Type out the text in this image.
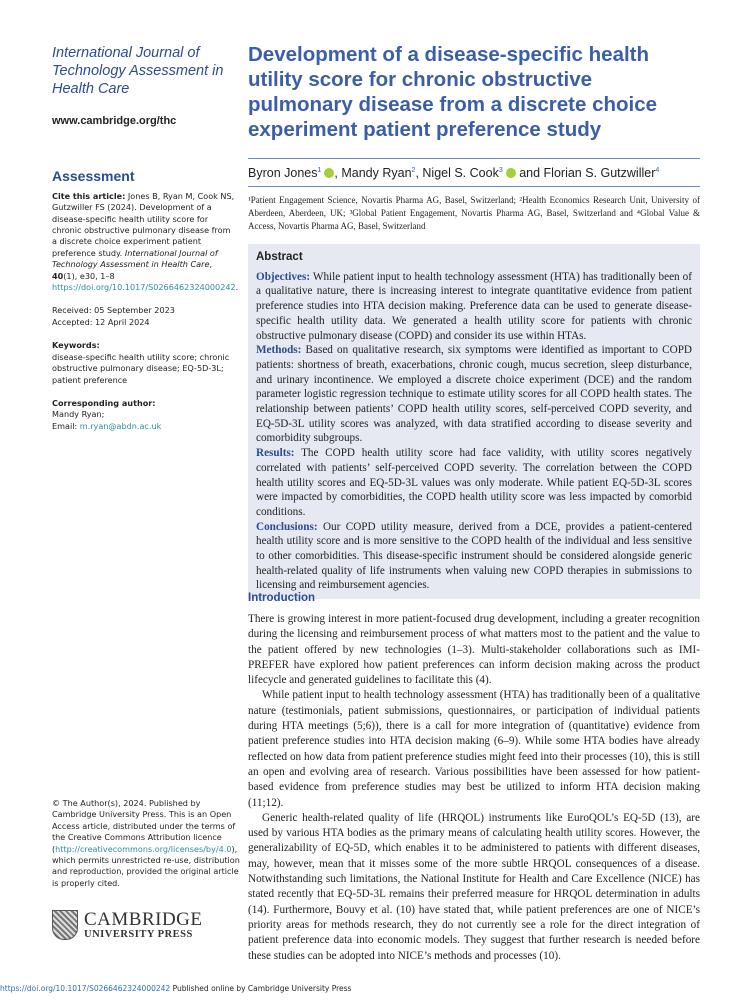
International Journal of Technology Assessment in Health Care

www.cambridge.org/thc
Assessment
Cite this article: Jones B, Ryan M, Cook NS, Gutzwiller FS (2024). Development of a disease-specific health utility score for chronic obstructive pulmonary disease from a discrete choice experiment patient preference study. International Journal of Technology Assessment in Health Care, 40(1), e30, 1–8 https://doi.org/10.1017/S0266462324000242.
Received: 05 September 2023
Accepted: 12 April 2024
Keywords:
disease-specific health utility score; chronic obstructive pulmonary disease; EQ-5D-3L; patient preference
Corresponding author:
Mandy Ryan;
Email: m.ryan@abdn.ac.uk
© The Author(s), 2024. Published by Cambridge University Press. This is an Open Access article, distributed under the terms of the Creative Commons Attribution licence (http://creativecommons.org/licenses/by/4.0), which permits unrestricted re-use, distribution and reproduction, provided the original article is properly cited.
CAMBRIDGE
UNIVERSITY PRESS
https://doi.org/10.1017/S0266462324000242 Published online by Cambridge University Press
Development of a disease-specific health utility score for chronic obstructive pulmonary disease from a discrete choice experiment patient preference study
Byron Jones$^1$ , Mandy Ryan$^2$, Nigel S. Cook$^3$ and Florian S. Gutzwiller$^4$
¹Patient Engagement Science, Novartis Pharma AG, Basel, Switzerland; ²Health Economics Research Unit, University of Aberdeen, Aberdeen, UK; ³Global Patient Engagement, Novartis Pharma AG, Basel, Switzerland and ⁴Global Value & Access, Novartis Pharma AG, Basel, Switzerland
Abstract

Objectives: While patient input to health technology assessment (HTA) has traditionally been of a qualitative nature, there is increasing interest to integrate quantitative evidence from patient preference studies into HTA decision making. Preference data can be used to generate disease-specific health utility data. We generated a health utility score for patients with chronic obstructive pulmonary disease (COPD) and consider its use within HTAs.

Methods: Based on qualitative research, six symptoms were identified as important to COPD patients: shortness of breath, exacerbations, chronic cough, mucus secretion, sleep disturbance, and urinary incontinence. We employed a discrete choice experiment (DCE) and the random parameter logistic regression technique to estimate utility scores for all COPD health states. The relationship between patients’ COPD health utility scores, self-perceived COPD severity, and EQ-5D-3L utility scores was analyzed, with data stratified according to disease severity and comorbidity subgroups.

Results: The COPD health utility score had face validity, with utility scores negatively correlated with patients’ self-perceived COPD severity. The correlation between the COPD health utility scores and EQ-5D-3L values was only moderate. While patient EQ-5D-3L scores were impacted by comorbidities, the COPD health utility score was less impacted by comorbid conditions.

Conclusions: Our COPD utility measure, derived from a DCE, provides a patient-centered health utility score and is more sensitive to the COPD health of the individual and less sensitive to other comorbidities. This disease-specific instrument should be considered alongside generic health-related quality of life instruments when valuing new COPD therapies in submissions to licensing and reimbursement agencies.

Introduction

There is growing interest in more patient-focused drug development, including a greater recognition during the licensing and reimbursement process of what matters most to the patient and the value to the patient offered by new technologies (1–3). Multi-stakeholder collaborations such as IMI-PREFER have explored how patient preferences can inform decision making across the product lifecycle and generated guidelines to facilitate this (4).

While patient input to health technology assessment (HTA) has traditionally been of a qualitative nature (testimonials, patient submissions, questionnaires, or participation of individual patients during HTA meetings (5;6)), there is a call for more integration of (quantitative) evidence from patient preference studies into HTA decision making (6–9). While some HTA bodies have already reflected on how data from patient preference studies might feed into their processes (10), this is still an open and evolving area of research. Various possibilities have been assessed for how patient-based evidence from preference studies may best be utilized to inform HTA decision making (11;12).

Generic health-related quality of life (HRQOL) instruments like EuroQOL’s EQ-5D (13), are used by various HTA bodies as the primary means of calculating health utility scores. However, the generalizability of EQ-5D, which enables it to be administered to patients with different diseases, may, however, mean that it misses some of the more subtle HRQOL consequences of a disease. Notwithstanding such limitations, the National Institute for Health and Care Excellence (NICE) has stated recently that EQ-5D-3L remains their preferred measure for HRQOL determination in adults (14). Furthermore, Bouvy et al. (10) have stated that, while patient preferences are one of NICE’s priority areas for methods research, they do not currently see a role for the direct integration of patient preference data into economic models. They suggest that further research is needed before these studies can be adopted into NICE’s methods and processes (10).
